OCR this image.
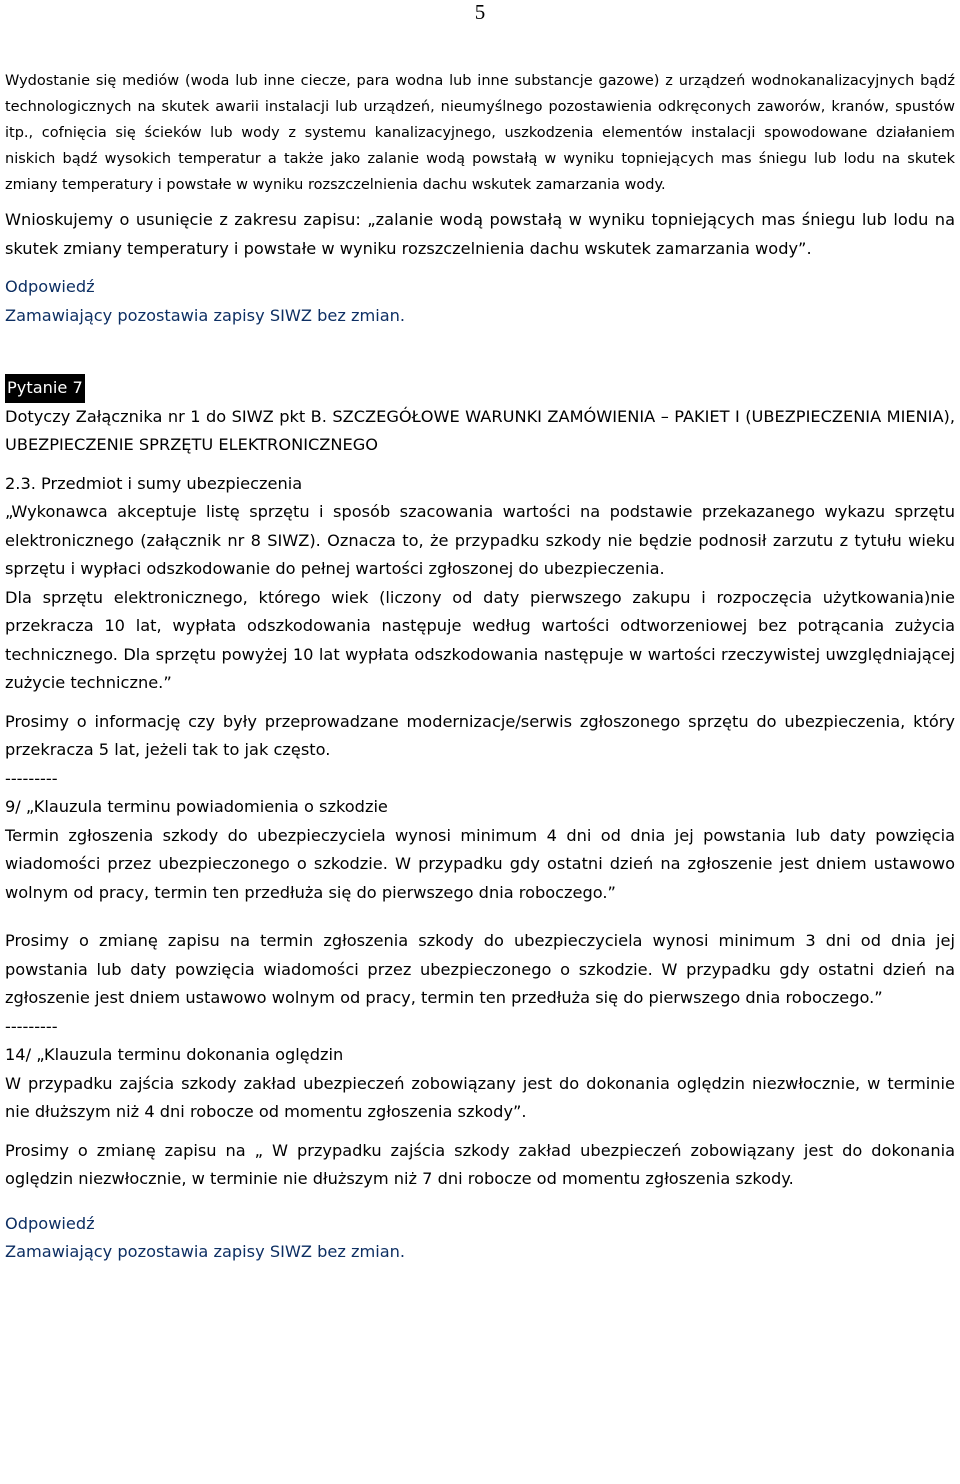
5

Wydostanie się mediów (woda lub inne ciecze, para wodna lub inne substancje gazowe) z urządzeń wodnokanalizacyjnych bądź technologicznych na skutek awarii instalacji lub urządzeń, nieumyślnego pozostawienia odkręconych zaworów, kranów, spustów itp., cofnięcia się ścieków lub wody z systemu kanalizacyjnego, uszkodzenia elementów instalacji spowodowane działaniem niskich bądź wysokich temperatur a także jako zalanie wodą powstałą w wyniku topniejących mas śniegu lub lodu na skutek zmiany temperatury i powstałe w wyniku rozszczelnienia dachu wskutek zamarzania wody.

Wnioskujemy o usunięcie z zakresu zapisu: „zalanie wodą powstałą w wyniku topniejących mas śniegu lub lodu na skutek zmiany temperatury i powstałe w wyniku rozszczelnienia dachu wskutek zamarzania wody”.

Odpowiedź

Zamawiający pozostawia zapisy SIWZ bez zmian.

Pytanie 7

Dotyczy Załącznika nr 1 do SIWZ pkt B. SZCZEGÓŁOWE WARUNKI ZAMÓWIENIA – PAKIET I (UBEZPIECZENIA MIENIA), UBEZPIECZENIE SPRZĘTU ELEKTRONICZNEGO

2.3. Przedmiot i sumy ubezpieczenia

„Wykonawca akceptuje listę sprzętu i sposób szacowania wartości na podstawie przekazanego wykazu sprzętu elektronicznego (załącznik nr 8 SIWZ). Oznacza to, że przypadku szkody nie będzie podnosił zarzutu z tytułu wieku sprzętu i wypłaci odszkodowanie do pełnej wartości zgłoszonej do ubezpieczenia.

Dla sprzętu elektronicznego, którego wiek (liczony od daty pierwszego zakupu i rozpoczęcia użytkowania)nie przekracza 10 lat, wypłata odszkodowania następuje według wartości odtworzeniowej bez potrącania zużycia technicznego. Dla sprzętu powyżej 10 lat wypłata odszkodowania następuje w wartości rzeczywistej uwzględniającej zużycie techniczne.”

Prosimy o informację czy były przeprowadzane modernizacje/serwis zgłoszonego sprzętu do ubezpieczenia, który przekracza 5 lat, jeżeli tak to jak często.

---------

9/ „Klauzula terminu powiadomienia o szkodzie

Termin zgłoszenia szkody do ubezpieczyciela wynosi minimum 4 dni od dnia jej powstania lub daty powzięcia wiadomości przez ubezpieczonego o szkodzie. W przypadku gdy ostatni dzień na zgłoszenie jest dniem ustawowo wolnym od pracy, termin ten przedłuża się do pierwszego dnia roboczego.”

Prosimy o zmianę zapisu na termin zgłoszenia szkody do ubezpieczyciela wynosi minimum 3 dni od dnia jej powstania lub daty powzięcia wiadomości przez ubezpieczonego o szkodzie. W przypadku gdy ostatni dzień na zgłoszenie jest dniem ustawowo wolnym od pracy, termin ten przedłuża się do pierwszego dnia roboczego.”

---------

14/ „Klauzula terminu dokonania oględzin

W przypadku zajścia szkody zakład ubezpieczeń zobowiązany jest do dokonania oględzin niezwłocznie, w terminie nie dłuższym niż 4 dni robocze od momentu zgłoszenia szkody”.

Prosimy o zmianę zapisu na „ W przypadku zajścia szkody zakład ubezpieczeń zobowiązany jest do dokonania oględzin niezwłocznie, w terminie nie dłuższym niż 7 dni robocze od momentu zgłoszenia szkody.

Odpowiedź

Zamawiający pozostawia zapisy SIWZ bez zmian.
